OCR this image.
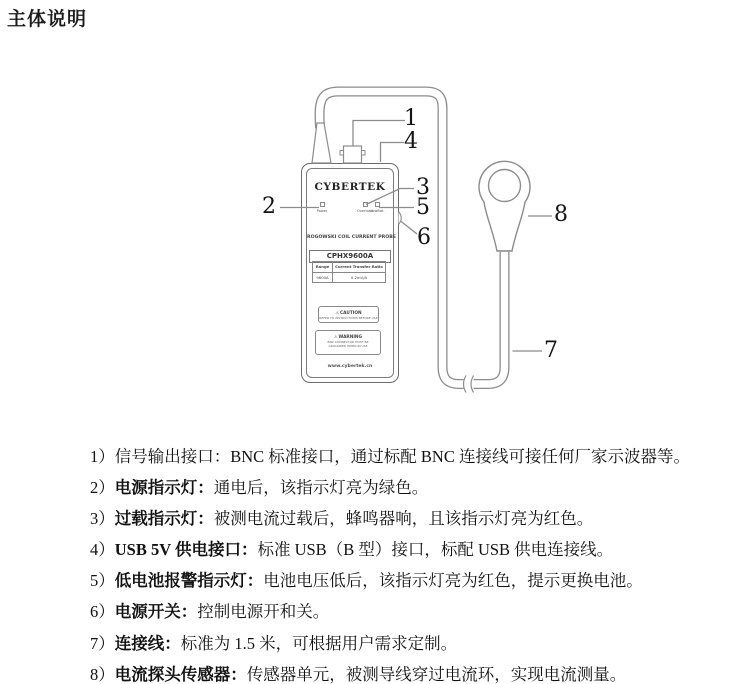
主体说明
CYBERTEK
Power	Overload
LowBat.
ROGOWSKI COIL CURRENT PROBE
CPHX9600A
Range	Current Transfer Ratio
9600A	0.2mV/A
⚠ CAUTION
REFER TO INSTRUCTIONS BEFORE USE
⚠ WARNING
BNC CONNECTOR MUST BE
GROUNDED WHEN IN USE
www.cybertek.cn
1
2
3
4
5
6
7
8
1）信号输出接口：BNC 标准接口，通过标配 BNC 连接线可接任何厂家示波器等。
2）电源指示灯：通电后，该指示灯亮为绿色。
3）过载指示灯：被测电流过载后，蜂鸣器响，且该指示灯亮为红色。
4）USB 5V 供电接口：标准 USB（B 型）接口，标配 USB 供电连接线。
5）低电池报警指示灯：电池电压低后，该指示灯亮为红色，提示更换电池。
6）电源开关：控制电源开和关。
7）连接线：标准为 1.5 米，可根据用户需求定制。
8）电流探头传感器：传感器单元，被测导线穿过电流环，实现电流测量。
